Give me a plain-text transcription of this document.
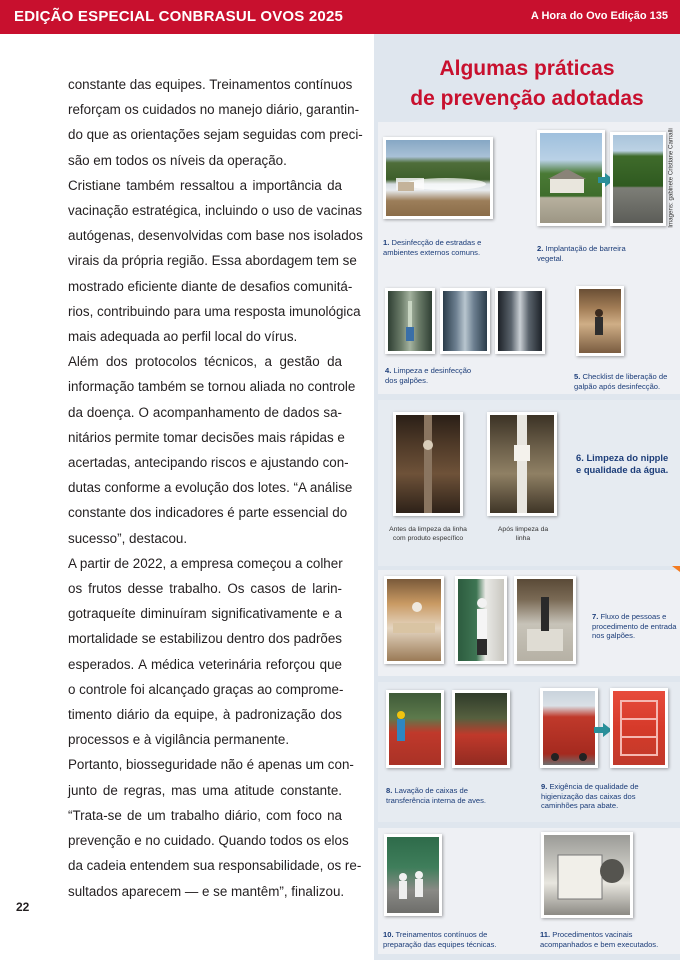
EDIÇÃO ESPECIAL CONBRASUL OVOS 2025	A Hora do Ovo Edição 135
constante das equipes. Treinamentos contínuos
reforçam os cuidados no manejo diário, garantin-
do que as orientações sejam seguidas com preci-
são em todos os níveis da operação.
Cristiane também ressaltou a importância da
vacinação estratégica, incluindo o uso de vacinas
autógenas, desenvolvidas com base nos isolados
virais da própria região. Essa abordagem tem se
mostrado eficiente diante de desafios comunitá-
rios, contribuindo para uma resposta imunológica
mais adequada ao perfil local do vírus.
Além dos protocolos técnicos, a gestão da
informação também se tornou aliada no controle
da doença. O acompanhamento de dados sa-
nitários permite tomar decisões mais rápidas e
acertadas, antecipando riscos e ajustando con-
dutas conforme a evolução dos lotes. “A análise
constante dos indicadores é parte essencial do
sucesso”, destacou.
A partir de 2022, a empresa começou a colher
os frutos desse trabalho. Os casos de larin-
gotraqueíte diminuíram significativamente e a
mortalidade se estabilizou dentro dos padrões
esperados. A médica veterinária reforçou que
o controle foi alcançado graças ao comprome-
timento diário da equipe, à padronização dos
processos e à vigilância permanente.
Portanto, biosseguridade não é apenas um con-
junto de regras, mas uma atitude constante.
“Trata-se de um trabalho diário, com foco na
prevenção e no cuidado. Quando todos os elos
da cadeia entendem sua responsabilidade, os re-
sultados aparecem — e se mantêm”, finalizou.
22
Algumas práticas
de prevenção adotadas
Imagens: gabinete Cristiane Camalli
1. Desinfecção de estradas e ambientes externos comuns.	2. Implantação de barreira vegetal.
4. Limpeza e desinfecção dos galpões.	5. Checklist de liberação de galpão após desinfecção.
Antes da limpeza da linha com produto específico
Após limpeza da linha
6. Limpeza do nipple e qualidade da água.
7. Fluxo de pessoas e procedimento de entrada nos galpões.
8. Lavação de caixas de transferência interna de aves.
9. Exigência de qualidade de higienização das caixas dos caminhões para abate.
10. Treinamentos contínuos de preparação das equipes técnicas.
11. Procedimentos vacinais acompanhados e bem executados.
